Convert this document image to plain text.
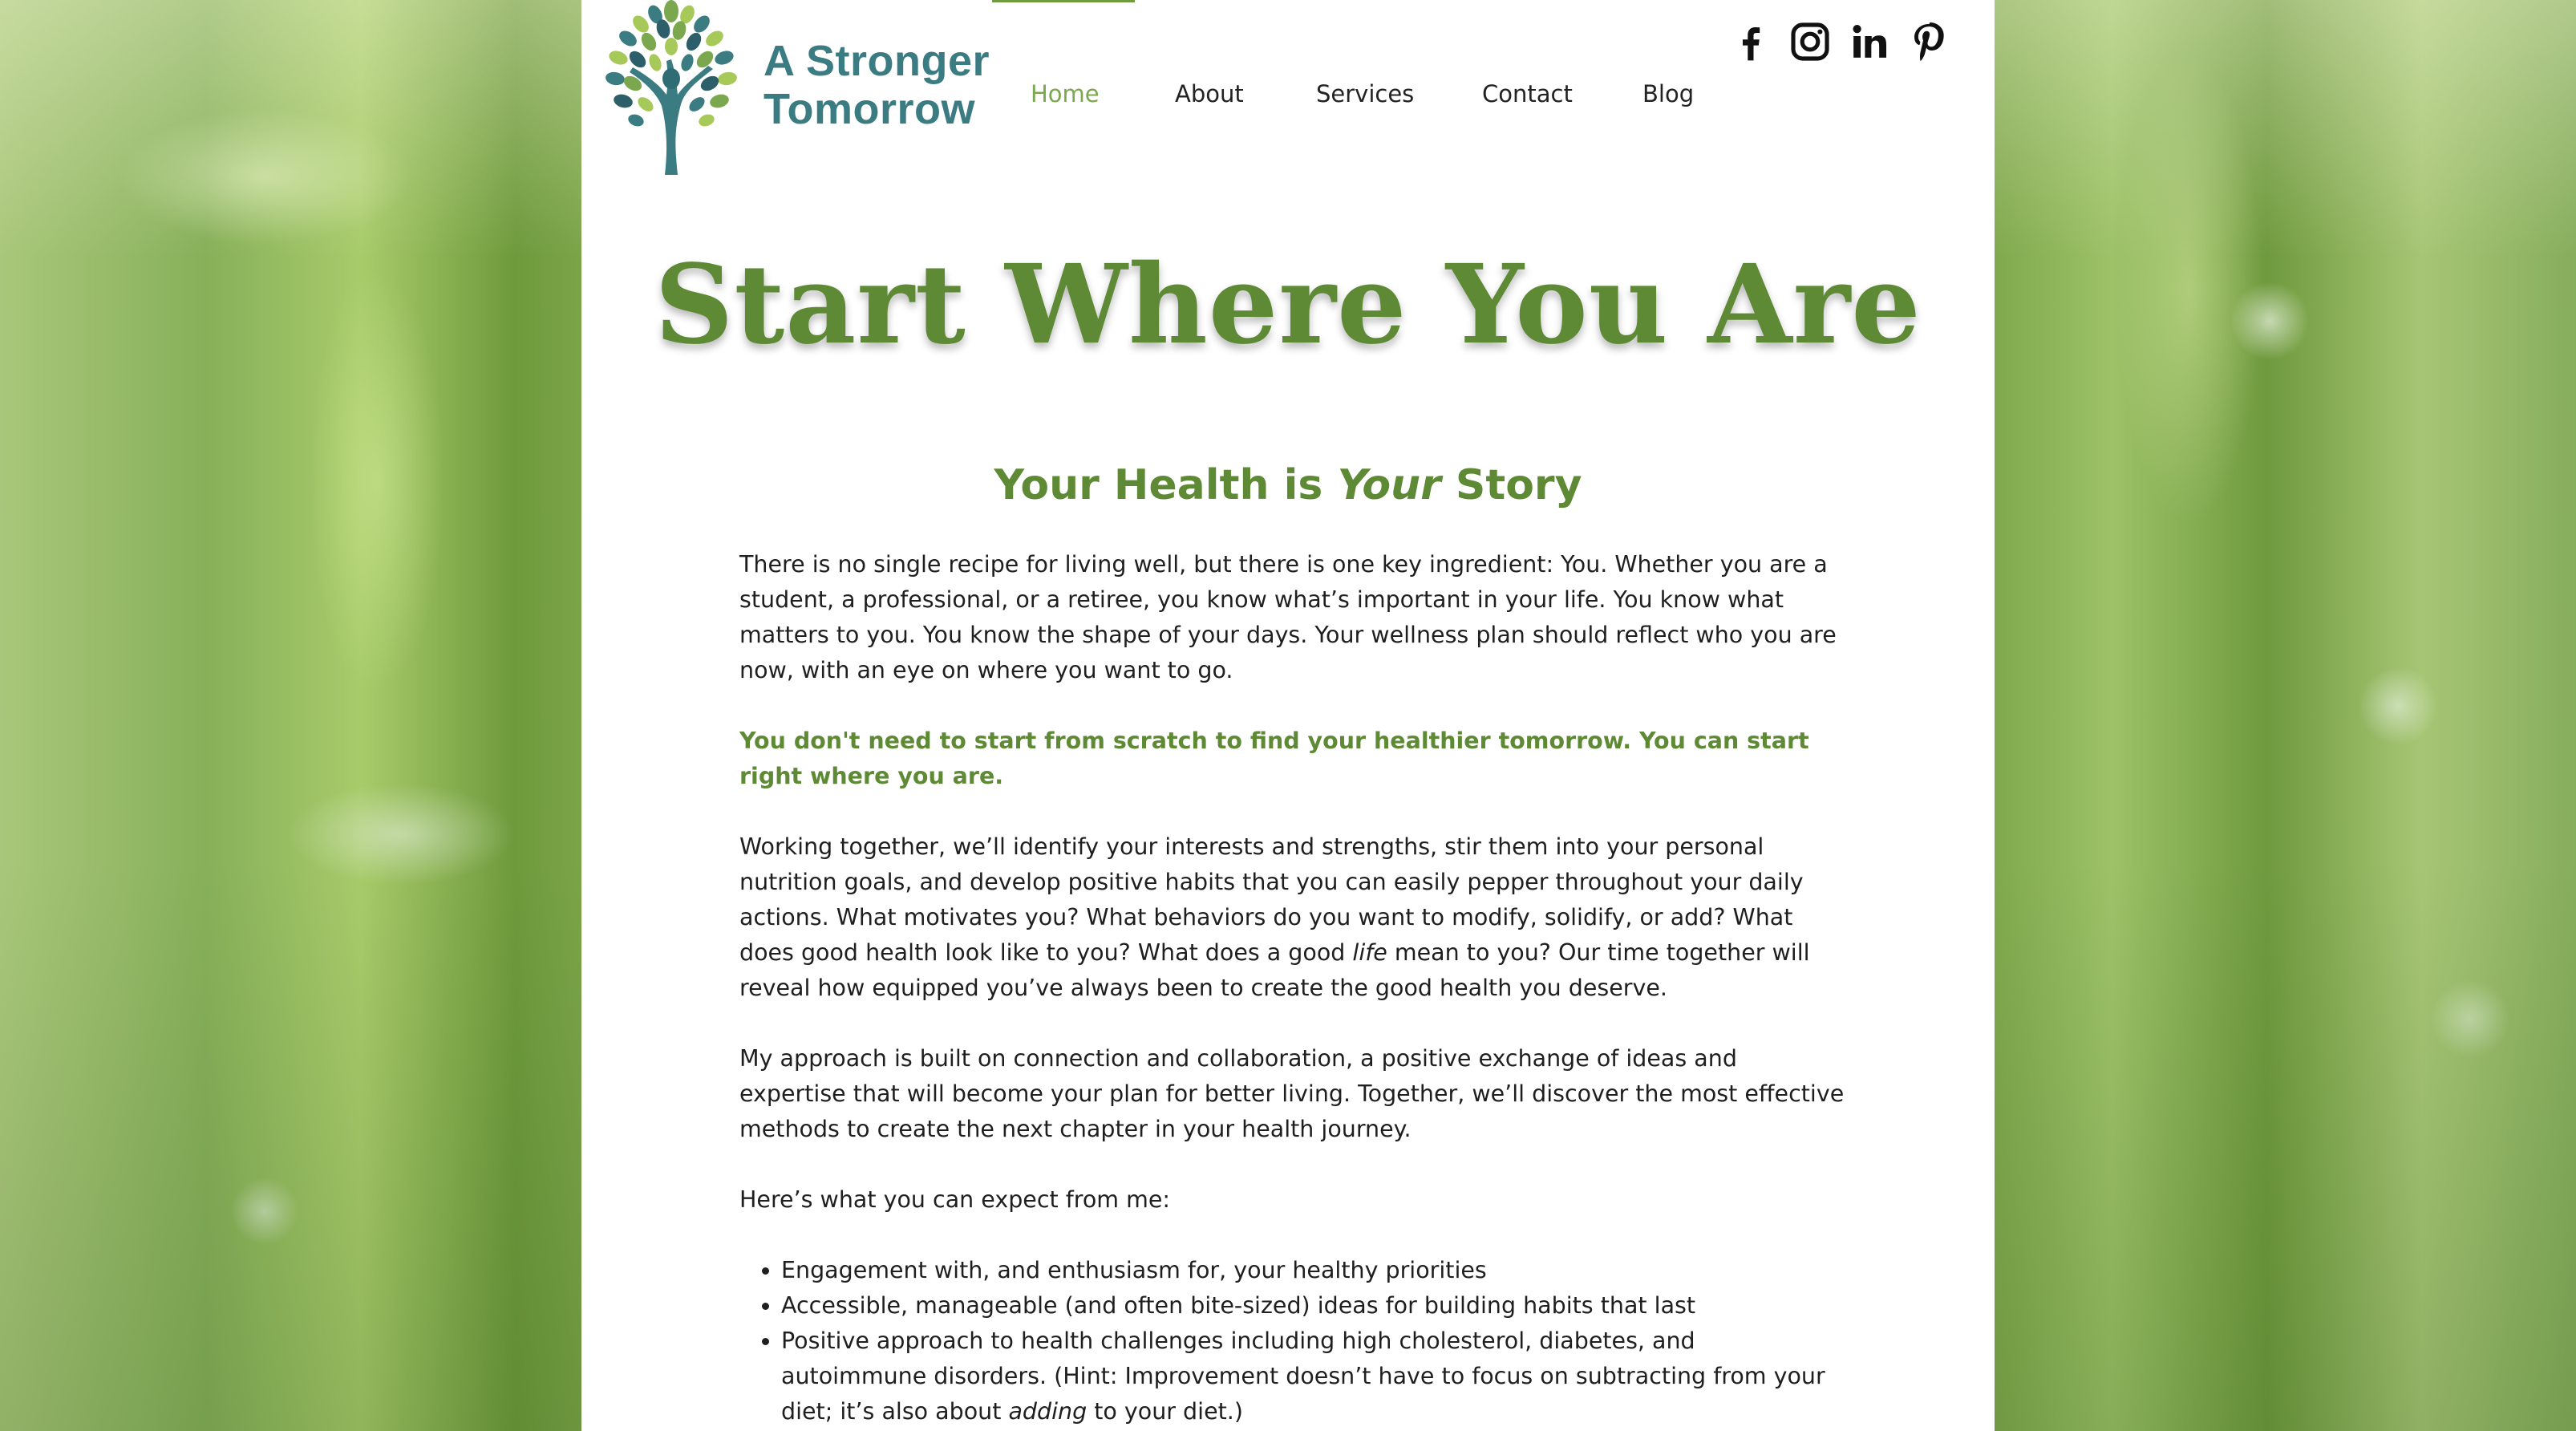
A Stronger
Tomorrow	Home	About	Services	Contact	Blog
Start Where You Are
Your Health is Your Story

There is no single recipe for living well, but there is one key ingredient: You. Whether you are a student, a professional, or a retiree, you know what’s important in your life. You know what matters to you. You know the shape of your days. Your wellness plan should reflect who you are now, with an eye on where you want to go.

You don't need to start from scratch to find your healthier tomorrow. You can start right where you are.

Working together, we’ll identify your interests and strengths, stir them into your personal nutrition goals, and develop positive habits that you can easily pepper throughout your daily actions. What motivates you? What behaviors do you want to modify, solidify, or add? What does good health look like to you? What does a good life mean to you? Our time together will reveal how equipped you’ve always been to create the good health you deserve.

My approach is built on connection and collaboration, a positive exchange of ideas and expertise that will become your plan for better living. Together, we’ll discover the most effective methods to create the next chapter in your health journey.

Here’s what you can expect from me:

• Engagement with, and enthusiasm for, your healthy priorities
• Accessible, manageable (and often bite-sized) ideas for building habits that last
• Positive approach to health challenges including high cholesterol, diabetes, and autoimmune disorders. (Hint: Improvement doesn’t have to focus on subtracting from your diet; it’s also about adding to your diet.)
